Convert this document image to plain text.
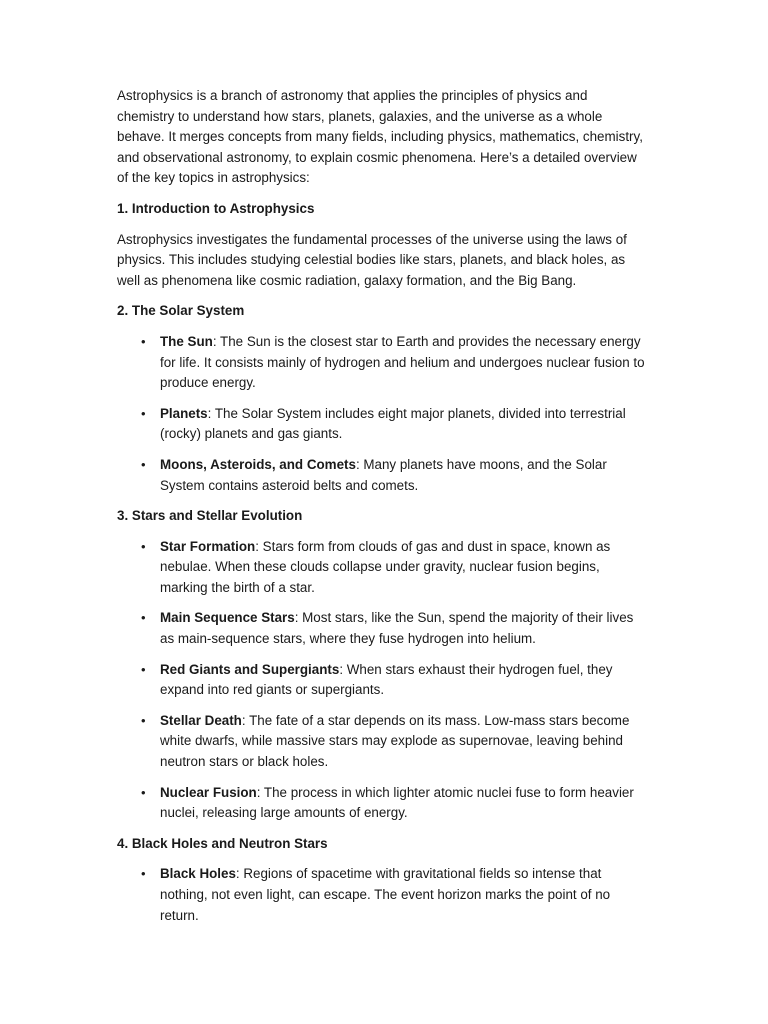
Astrophysics is a branch of astronomy that applies the principles of physics and chemistry to understand how stars, planets, galaxies, and the universe as a whole behave. It merges concepts from many fields, including physics, mathematics, chemistry, and observational astronomy, to explain cosmic phenomena. Here’s a detailed overview of the key topics in astrophysics:

1. Introduction to Astrophysics

Astrophysics investigates the fundamental processes of the universe using the laws of physics. This includes studying celestial bodies like stars, planets, and black holes, as well as phenomena like cosmic radiation, galaxy formation, and the Big Bang.

2. The Solar System

• The Sun: The Sun is the closest star to Earth and provides the necessary energy for life. It consists mainly of hydrogen and helium and undergoes nuclear fusion to produce energy.
• Planets: The Solar System includes eight major planets, divided into terrestrial (rocky) planets and gas giants.
• Moons, Asteroids, and Comets: Many planets have moons, and the Solar System contains asteroid belts and comets.

3. Stars and Stellar Evolution

• Star Formation: Stars form from clouds of gas and dust in space, known as nebulae. When these clouds collapse under gravity, nuclear fusion begins, marking the birth of a star.
• Main Sequence Stars: Most stars, like the Sun, spend the majority of their lives as main-sequence stars, where they fuse hydrogen into helium.
• Red Giants and Supergiants: When stars exhaust their hydrogen fuel, they expand into red giants or supergiants.
• Stellar Death: The fate of a star depends on its mass. Low-mass stars become white dwarfs, while massive stars may explode as supernovae, leaving behind neutron stars or black holes.
• Nuclear Fusion: The process in which lighter atomic nuclei fuse to form heavier nuclei, releasing large amounts of energy.

4. Black Holes and Neutron Stars

• Black Holes: Regions of spacetime with gravitational fields so intense that nothing, not even light, can escape. The event horizon marks the point of no return.
